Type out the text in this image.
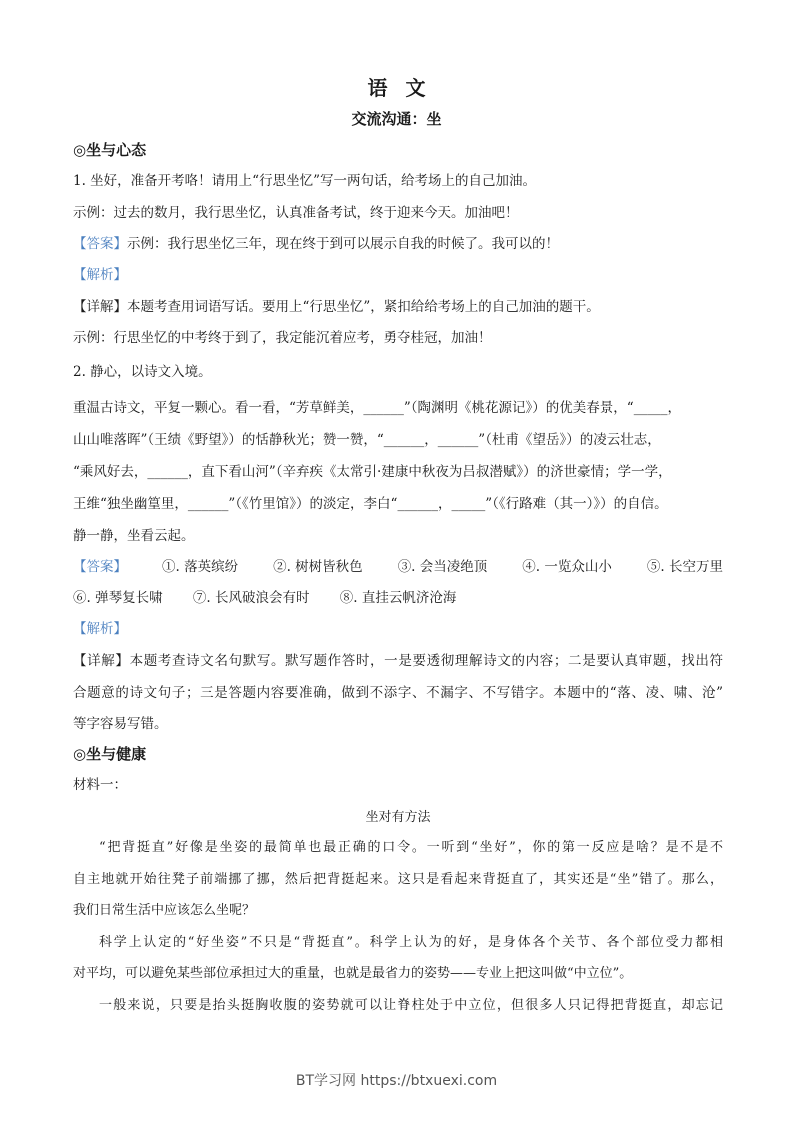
语文
交流沟通：坐
◎坐与心态
1. 坐好，准备开考咯！请用上“行思坐忆”写一两句话，给考场上的自己加油。
示例：过去的数月，我行思坐忆，认真准备考试，终于迎来今天。加油吧！
【答案】示例：我行思坐忆三年，现在终于到可以展示自我的时候了。我可以的！
【解析】
【详解】本题考查用词语写话。要用上“行思坐忆”，紧扣给给考场上的自己加油的题干。
示例：行思坐忆的中考终于到了，我定能沉着应考，勇夺桂冠，加油！
2. 静心，以诗文入境。
重温古诗文，平复一颗心。看一看，“芳草鲜美，______”（陶渊明《桃花源记》）的优美春景，“_____，
山山唯落晖”（王绩《野望》）的恬静秋光；赞一赞，“______，______”（杜甫《望岳》）的凌云壮志，
“乘风好去，______，直下看山河”（辛弃疾《太常引·建康中秋夜为吕叔潜赋》）的济世豪情；学一学，
王维“独坐幽篁里，______”（《竹里馆》）的淡定，李白“______，_____”（《行路难（其一）》）的自信。
静一静，坐看云起。
【答案】	①. 落英缤纷	②. 树树皆秋色	③. 会当凌绝顶	④. 一览众山小	⑤. 长空万里
⑥. 弹琴复长啸 ⑦. 长风破浪会有时 ⑧. 直挂云帆济沧海
【解析】
【详解】本题考查诗文名句默写。默写题作答时，一是要透彻理解诗文的内容；二是要认真审题，找出符
合题意的诗文句子；三是答题内容要准确，做到不添字、不漏字、不写错字。本题中的“落、凌、啸、沧”
等字容易写错。
◎坐与健康
材料一：
坐对有方法
“把背挺直”好像是坐姿的最简单也最正确的口令。一听到“坐好”，你的第一反应是啥？是不是不
自主地就开始往凳子前端挪了挪，然后把背挺起来。这只是看起来背挺直了，其实还是“坐”错了。那么，
我们日常生活中应该怎么坐呢？
科学上认定的“好坐姿”不只是“背挺直”。科学上认为的好，是身体各个关节、各个部位受力都相
对平均，可以避免某些部位承担过大的重量，也就是最省力的姿势——专业上把这叫做“中立位”。
一般来说，只要是抬头挺胸收腹的姿势就可以让脊柱处于中立位，但很多人只记得把背挺直，却忘记
BT学习网 https://btxuexi.com
